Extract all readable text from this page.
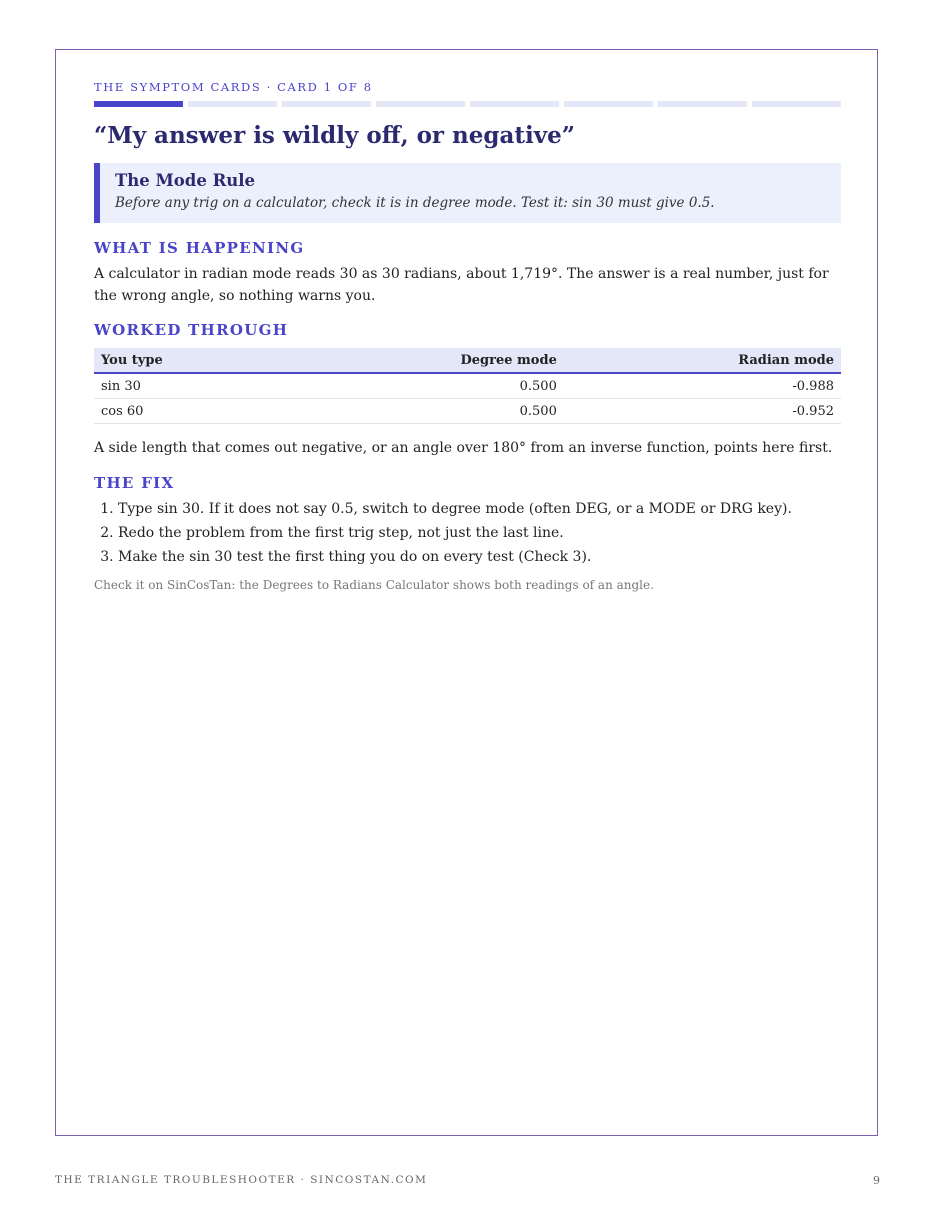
THE SYMPTOM CARDS · CARD 1 OF 8
“My answer is wildly off, or negative”
The Mode Rule
Before any trig on a calculator, check it is in degree mode. Test it: sin 30 must give 0.5.
WHAT IS HAPPENING

A calculator in radian mode reads 30 as 30 radians, about 1,719°. The answer is a real number, just for the wrong angle, so nothing warns you.

WORKED THROUGH
You type	Degree mode	Radian mode
sin 30	0.500	-0.988
cos 60	0.500	-0.952

A side length that comes out negative, or an angle over 180° from an inverse function, points here first.

THE FIX
1. Type sin 30. If it does not say 0.5, switch to degree mode (often DEG, or a MODE or DRG key).
2. Redo the problem from the first trig step, not just the last line.
3. Make the sin 30 test the first thing you do on every test (Check 3).
Check it on SinCosTan: the Degrees to Radians Calculator shows both readings of an angle.
THE TRIANGLE TROUBLESHOOTER · SINCOSTAN.COM	9
